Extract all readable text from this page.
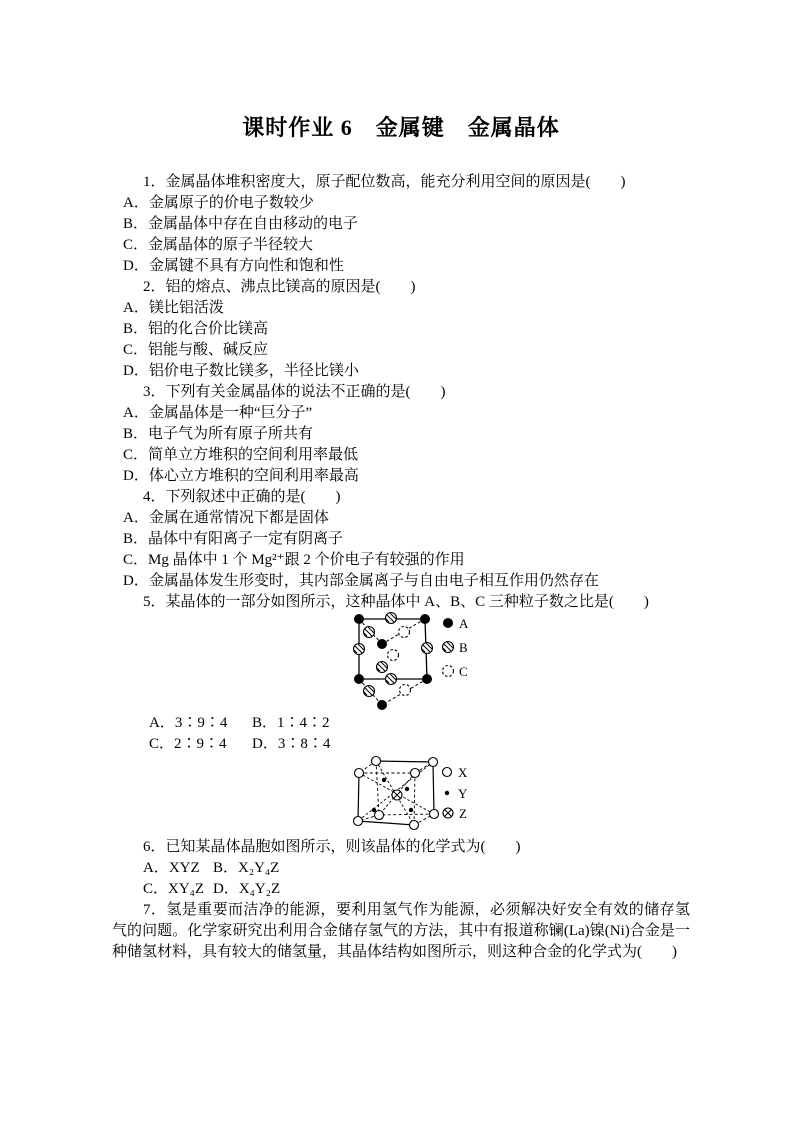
课时作业 6　金属键　金属晶体

1．金属晶体堆积密度大，原子配位数高，能充分利用空间的原因是(　　)

A．金属原子的价电子数较少

B．金属晶体中存在自由移动的电子

C．金属晶体的原子半径较大

D．金属键不具有方向性和饱和性

2．铝的熔点、沸点比镁高的原因是(　　)

A．镁比铝活泼

B．铝的化合价比镁高

C．铝能与酸、碱反应

D．铝价电子数比镁多，半径比镁小

3．下列有关金属晶体的说法不正确的是(　　)

A．金属晶体是一种“巨分子”

B．电子气为所有原子所共有

C．简单立方堆积的空间利用率最低

D．体心立方堆积的空间利用率最高

4．下列叙述中正确的是(　　)

A．金属在通常情况下都是固体

B．晶体中有阳离子一定有阴离子

C．Mg 晶体中 1 个 Mg²⁺跟 2 个价电子有较强的作用

D．金属晶体发生形变时，其内部金属离子与自由电子相互作用仍然存在

5．某晶体的一部分如图所示，这种晶体中 A、B、C 三种粒子数之比是(　　)

A
B
C

A．3∶9∶4 B．1∶4∶2

C．2∶9∶4 D．3∶8∶4

X
Y
Z

6．已知某晶体晶胞如图所示，则该晶体的化学式为(　　)

A．XYZ B．X₂Y₄Z

C．XY₄Z D．X₄Y₂Z

7．氢是重要而洁净的能源，要利用氢气作为能源，必须解决好安全有效的储存氢气的问题。化学家研究出利用合金储存氢气的方法，其中有报道称镧(La)镍(Ni)合金是一种储氢材料，具有较大的储氢量，其晶体结构如图所示，则这种合金的化学式为(　　)
